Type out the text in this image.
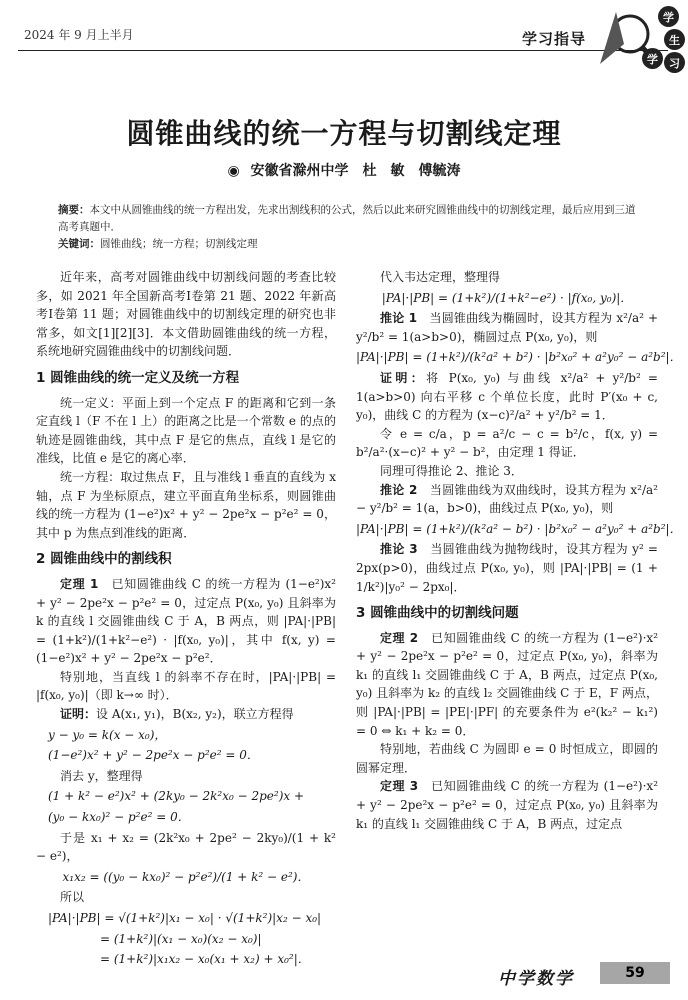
2024 年 9 月上半月	学习指导
学
生
学	习
圆锥曲线的统一方程与切割线定理
◉ 安徽省滁州中学　杜　敏　傅毓涛
摘要：本文中从圆锥曲线的统一方程出发，先求出割线积的公式，然后以此来研究圆锥曲线中的切割线定理，最后应用到三道高考真题中．
关键词：圆锥曲线；统一方程；切割线定理

近年来，高考对圆锥曲线中切割线问题的考查比较多，如 2021 年全国新高考Ⅰ卷第 21 题、2022 年新高考Ⅰ卷第 11 题；对圆锥曲线中的切割线定理的研究也非常多，如文[1][2][3]．本文借助圆锥曲线的统一方程，系统地研究圆锥曲线中的切割线问题．

1 圆锥曲线的统一定义及统一方程

统一定义：平面上到一个定点 F 的距离和它到一条定直线 l（F 不在 l 上）的距离之比是一个常数 e 的点的轨迹是圆锥曲线，其中点 F 是它的焦点，直线 l 是它的准线，比值 e 是它的离心率．

统一方程：取过焦点 F，且与准线 l 垂直的直线为 x 轴，点 F 为坐标原点，建立平面直角坐标系，则圆锥曲线的统一方程为 (1−e²)x² + y² − 2pe²x − p²e² = 0，其中 p 为焦点到准线的距离．

2 圆锥曲线中的割线积

定理 1　 已知圆锥曲线 C 的统一方程为 (1−e²)x² + y² − 2pe²x − p²e² = 0，过定点 P(x₀, y₀) 且斜率为 k 的直线 l 交圆锥曲线 C 于 A，B 两点，则 |PA|·|PB| = (1+k²)/(1+k²−e²) · |f(x₀, y₀)|，其中 f(x, y) = (1−e²)x² + y² − 2pe²x − p²e²．

特别地，当直线 l 的斜率不存在时，|PA|·|PB| = |f(x₀, y₀)|（即 k→∞ 时）．

证明：设 A(x₁, y₁)，B(x₂, y₂)，联立方程得

y − y₀ = k(x − x₀)，
(1−e²)x² + y² − 2pe²x − p²e² = 0．

消去 y，整理得

(1 + k² − e²)x² + (2ky₀ − 2k²x₀ − 2pe²)x +
(y₀ − kx₀)² − p²e² = 0．

于是 x₁ + x₂ = (2k²x₀ + 2pe² − 2ky₀)/(1 + k² − e²)，

x₁x₂ = ((y₀ − kx₀)² − p²e²)/(1 + k² − e²)．

所以

|PA|·|PB| = √(1+k²)|x₁ − x₀| · √(1+k²)|x₂ − x₀|
= (1+k²)|(x₁ − x₀)(x₂ − x₀)|
= (1+k²)|x₁x₂ − x₀(x₁ + x₂) + x₀²|．

代入韦达定理，整理得

|PA|·|PB| = (1+k²)/(1+k²−e²) · |f(x₀, y₀)|．

推论 1　 当圆锥曲线为椭圆时，设其方程为 x²/a² + y²/b² = 1(a>b>0)，椭圆过点 P(x₀, y₀)，则

|PA|·|PB| = (1+k²)/(k²a² + b²) · |b²x₀² + a²y₀² − a²b²|．

证明：将 P(x₀, y₀) 与曲线 x²/a² + y²/b² = 1(a>b>0) 向右平移 c 个单位长度，此时 P′(x₀ + c, y₀)，曲线 C 的方程为 (x−c)²/a² + y²/b² = 1．

令 e = c/a，p = a²/c − c = b²/c，f(x, y) = b²/a²·(x−c)² + y² − b²，由定理 1 得证．

同理可得推论 2、推论 3．

推论 2　 当圆锥曲线为双曲线时，设其方程为 x²/a² − y²/b² = 1(a，b>0)，曲线过点 P(x₀, y₀)，则

|PA|·|PB| = (1+k²)/(k²a² − b²) · |b²x₀² − a²y₀² + a²b²|．

推论 3　 当圆锥曲线为抛物线时，设其方程为 y² = 2px(p>0)，曲线过点 P(x₀, y₀)，则 |PA|·|PB| = (1 + 1/k²)|y₀² − 2px₀|．

3 圆锥曲线中的切割线问题

定理 2　 已知圆锥曲线 C 的统一方程为 (1−e²)·x² + y² − 2pe²x − p²e² = 0，过定点 P(x₀, y₀)，斜率为 k₁ 的直线 l₁ 交圆锥曲线 C 于 A，B 两点，过定点 P(x₀, y₀) 且斜率为 k₂ 的直线 l₂ 交圆锥曲线 C 于 E，F 两点，则 |PA|·|PB| = |PE|·|PF| 的充要条件为 e²(k₂² − k₁²) = 0 ⇔ k₁ + k₂ = 0．

特别地，若曲线 C 为圆即 e = 0 时恒成立，即圆的圆幂定理．

定理 3　 已知圆锥曲线 C 的统一方程为 (1−e²)·x² + y² − 2pe²x − p²e² = 0，过定点 P(x₀, y₀) 且斜率为 k₁ 的直线 l₁ 交圆锥曲线 C 于 A，B 两点，过定点

中学数学	59
